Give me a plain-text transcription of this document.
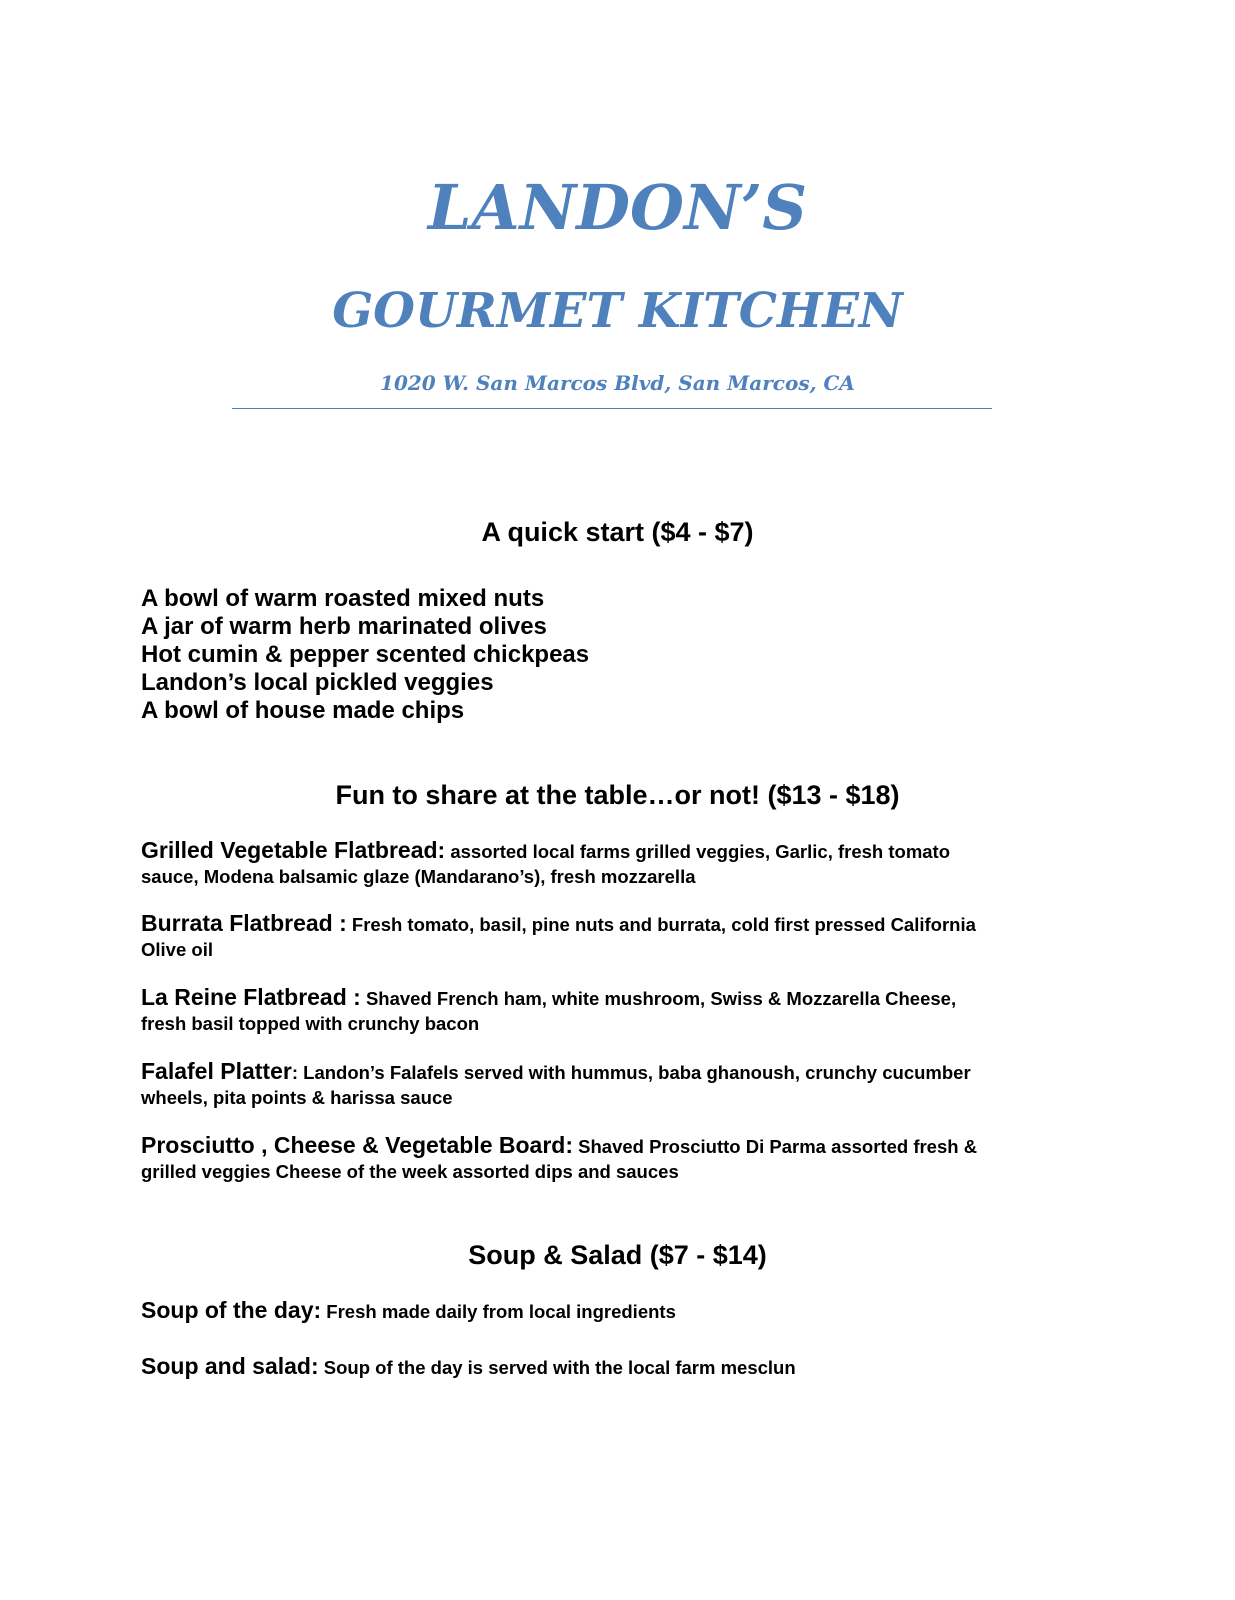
LANDON’S
GOURMET KITCHEN
1020 W. San Marcos Blvd, San Marcos, CA
A quick start ($4 - $7)
A bowl of warm roasted mixed nuts
A jar of warm herb marinated olives
Hot cumin & pepper scented chickpeas
Landon’s local pickled veggies
A bowl of house made chips
Fun to share at the table…or not! ($13 - $18)

Grilled Vegetable Flatbread: assorted local farms grilled veggies, Garlic, fresh tomato sauce, Modena balsamic glaze (Mandarano’s), fresh mozzarella

Burrata Flatbread : Fresh tomato, basil, pine nuts and burrata, cold first pressed California Olive oil

La Reine Flatbread : Shaved French ham, white mushroom, Swiss & Mozzarella Cheese, fresh basil topped with crunchy bacon

Falafel Platter: Landon’s Falafels served with hummus, baba ghanoush, crunchy cucumber wheels, pita points & harissa sauce

Prosciutto , Cheese & Vegetable Board: Shaved Prosciutto Di Parma assorted fresh & grilled veggies Cheese of the week assorted dips and sauces

Soup & Salad ($7 - $14)

Soup of the day: Fresh made daily from local ingredients

Soup and salad: Soup of the day is served with the local farm mesclun
